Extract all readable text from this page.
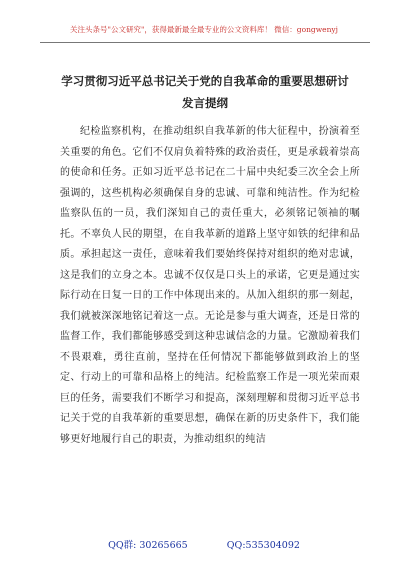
关注头条号"公文研究"，获得最新最全最专业的公文资料库！ 微信：gongwenyj
学习贯彻习近平总书记关于党的自我革命的重要思想研讨
发言提纲
纪检监察机构，在推动组织自我革新的伟大征程中，扮演着至关重要的角色。它们不仅肩负着特殊的政治责任，更是承载着崇高的使命和任务。正如习近平总书记在二十届中央纪委三次全会上所强调的，这些机构必须确保自身的忠诚、可靠和纯洁性。作为纪检监察队伍的一员，我们深知自己的责任重大，必须铭记领袖的嘱托。不辜负人民的期望，在自我革新的道路上坚守如铁的纪律和品质。承担起这一责任，意味着我们要始终保持对组织的绝对忠诚，这是我们的立身之本。忠诚不仅仅是口头上的承诺，它更是通过实际行动在日复一日的工作中体现出来的。从加入组织的那一刻起，我们就被深深地铭记着这一点。无论是参与重大调查，还是日常的监督工作，我们都能够感受到这种忠诚信念的力量。它激励着我们不畏艰难，勇往直前，坚持在任何情况下都能够做到政治上的坚定、行动上的可靠和品格上的纯洁。纪检监察工作是一项光荣而艰巨的任务，需要我们不断学习和提高，深刻理解和贯彻习近平总书记关于党的自我革新的重要思想，确保在新的历史条件下，我们能够更好地履行自己的职责，为推动组织的纯洁
QQ群: 30265665	QQ:535304092
